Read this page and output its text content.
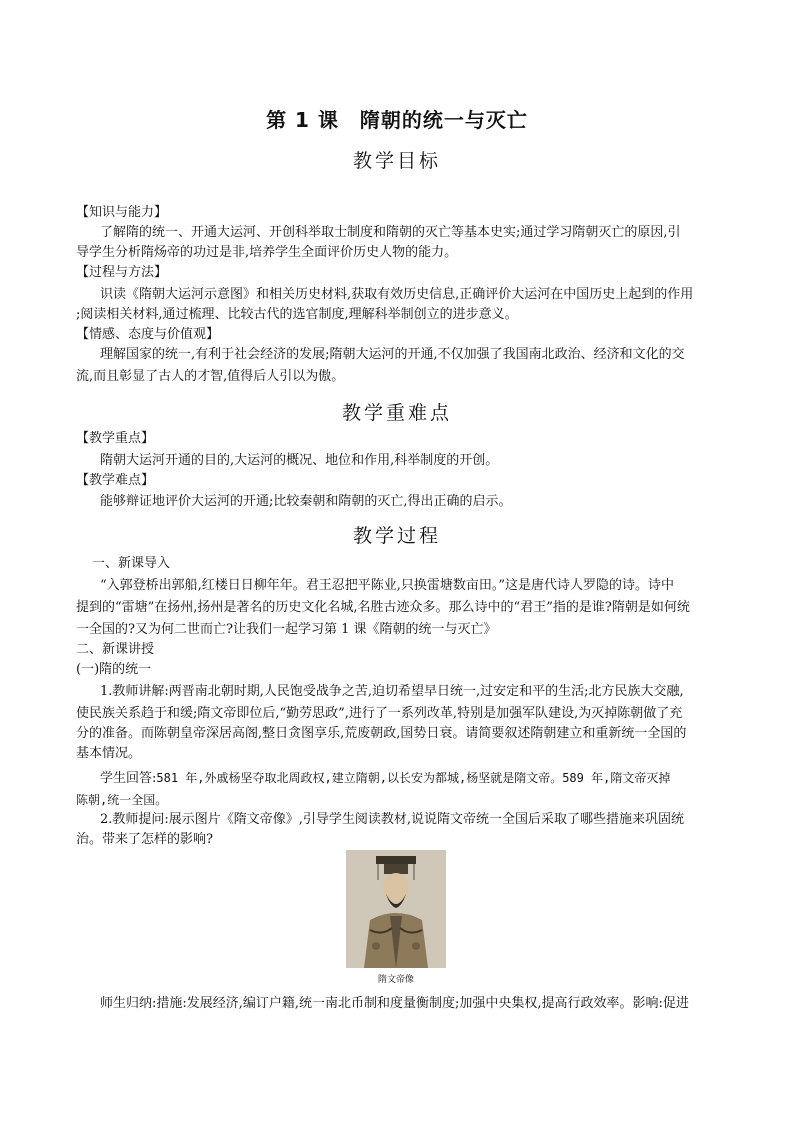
第 1 课　隋朝的统一与灭亡
教学目标
【知识与能力】
了解隋的统一、开通大运河、开创科举取士制度和隋朝的灭亡等基本史实;通过学习隋朝灭亡的原因,引
导学生分析隋炀帝的功过是非,培养学生全面评价历史人物的能力。
【过程与方法】
识读《隋朝大运河示意图》和相关历史材料,获取有效历史信息,正确评价大运河在中国历史上起到的作用
;阅读相关材料,通过梳理、比较古代的选官制度,理解科举制创立的进步意义。
【情感、态度与价值观】
理解国家的统一,有利于社会经济的发展;隋朝大运河的开通,不仅加强了我国南北政治、经济和文化的交
流,而且彰显了古人的才智,值得后人引以为傲。
教学重难点
【教学重点】
隋朝大运河开通的目的,大运河的概况、地位和作用,科举制度的开创。
【教学难点】
能够辩证地评价大运河的开通;比较秦朝和隋朝的灭亡,得出正确的启示。
教学过程
一、新课导入
“入郭登桥出郭船,红楼日日柳年年。君王忍把平陈业,只换雷塘数亩田。”这是唐代诗人罗隐的诗。诗中
提到的“雷塘”在扬州,扬州是著名的历史文化名城,名胜古迹众多。那么诗中的“君王”指的是谁?隋朝是如何统
一全国的?又为何二世而亡?让我们一起学习第 1 课《隋朝的统一与灭亡》
二、新课讲授
(一)隋的统一
1.教师讲解:两晋南北朝时期,人民饱受战争之苦,迫切希望早日统一,过安定和平的生活;北方民族大交融,
使民族关系趋于和缓;隋文帝即位后,“勤劳思政”,进行了一系列改革,特别是加强军队建设,为灭掉陈朝做了充
分的准备。而陈朝皇帝深居高阁,整日贪图享乐,荒废朝政,国势日衰。请简要叙述隋朝建立和重新统一全国的
基本情况。
学生回答:581 年,外戚杨坚夺取北周政权,建立隋朝,以长安为都城,杨坚就是隋文帝。589 年,隋文帝灭掉
陈朝,统一全国。
2.教师提问:展示图片《隋文帝像》,引导学生阅读教材,说说隋文帝统一全国后采取了哪些措施来巩固统
治。带来了怎样的影响?
隋文帝像
师生归纳:措施:发展经济,编订户籍,统一南北币制和度量衡制度;加强中央集权,提高行政效率。影响:促进
